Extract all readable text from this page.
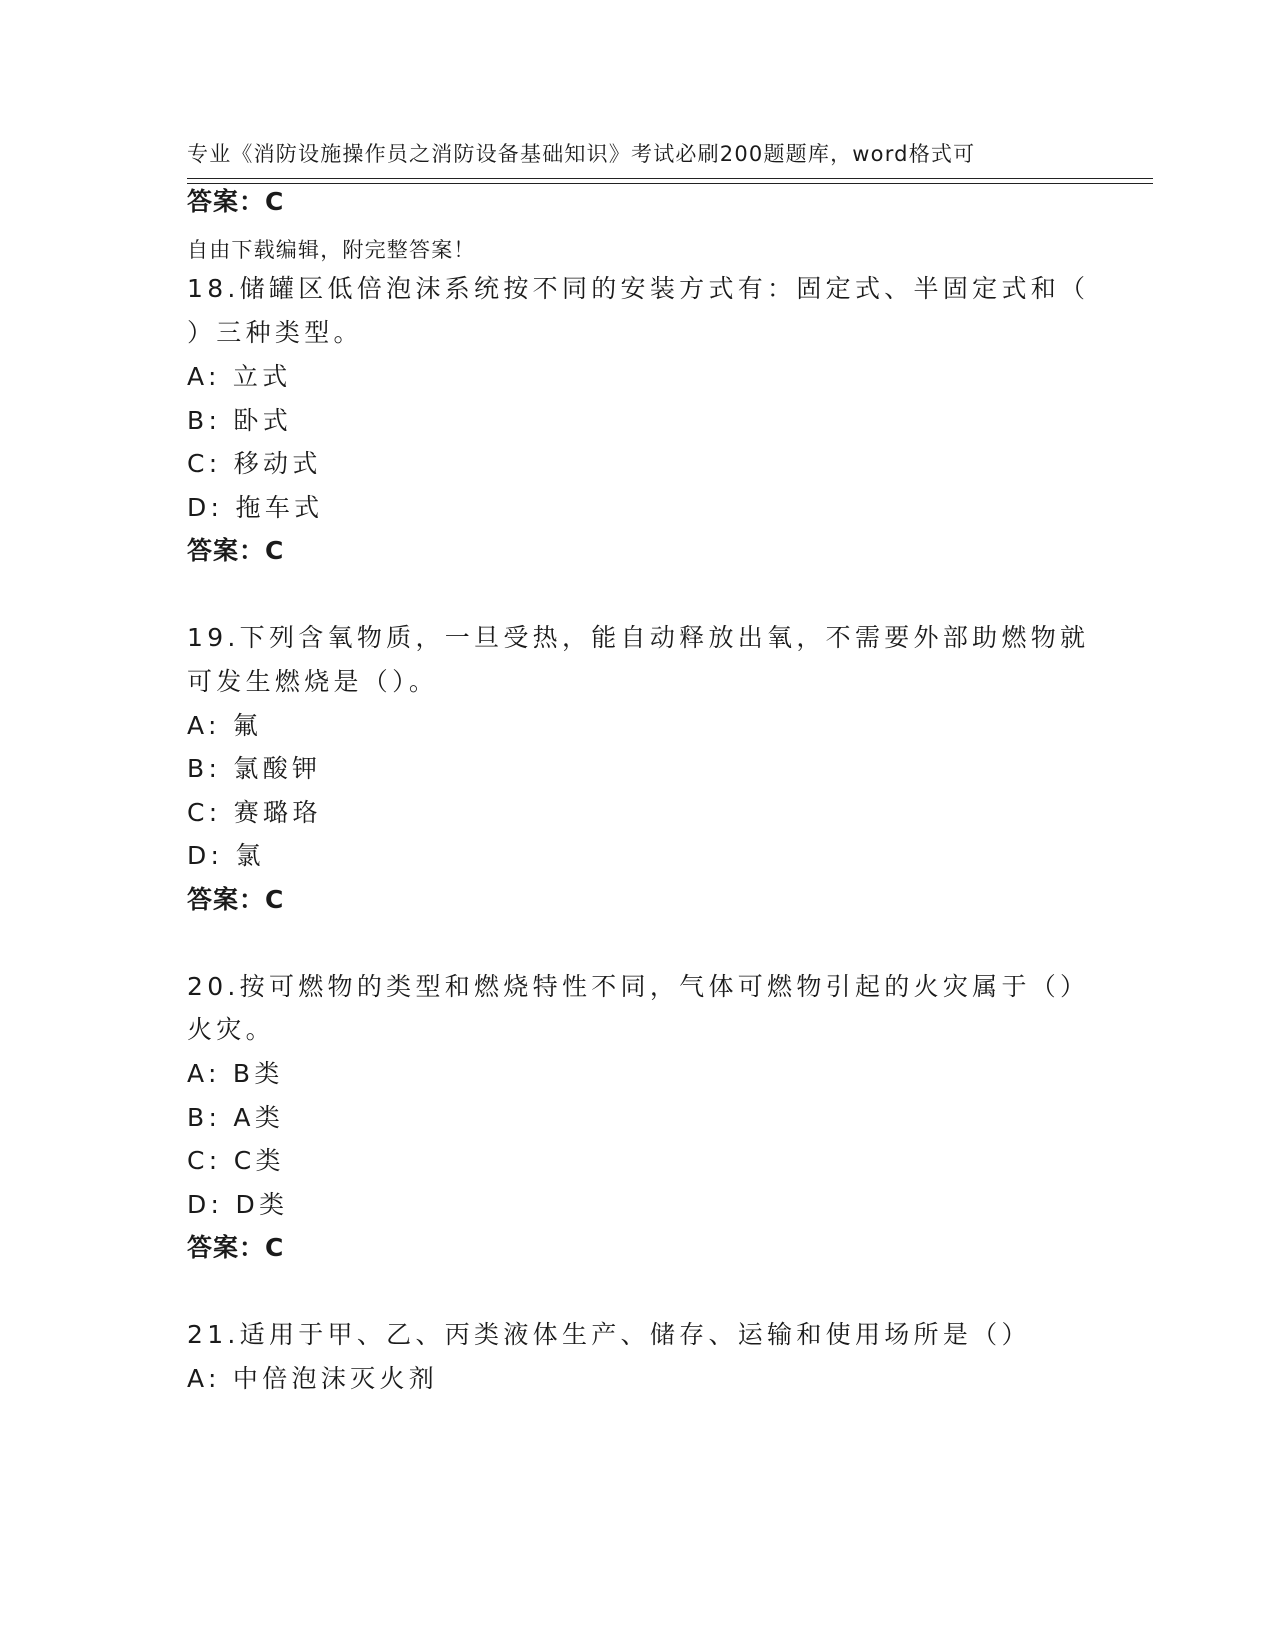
专业《消防设施操作员之消防设备基础知识》考试必刷200题题库，word格式可

自由下载编辑，附完整答案！

答案：C
18.储罐区低倍泡沫系统按不同的安装方式有：固定式、半固定式和（
）三种类型。
A: 立式
B: 卧式
C: 移动式
D: 拖车式
答案：C
19.下列含氧物质，一旦受热，能自动释放出氧，不需要外部助燃物就
可发生燃烧是（）。
A: 氟
B: 氯酸钾
C: 赛璐珞
D: 氯
答案：C
20.按可燃物的类型和燃烧特性不同，气体可燃物引起的火灾属于（）
火灾。
A: B类
B: A类
C: C类
D: D类
答案：C
21.适用于甲、乙、丙类液体生产、储存、运输和使用场所是（）
A: 中倍泡沫灭火剂
